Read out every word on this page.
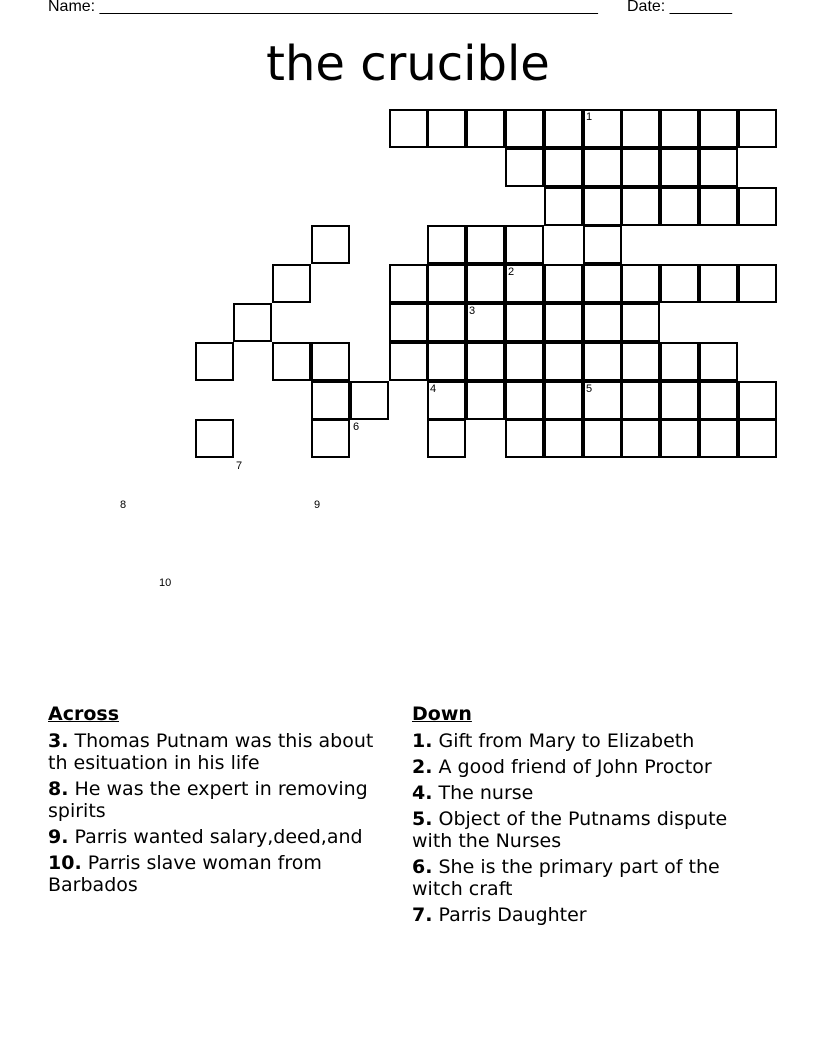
Name: ________________________________________________________ Date: _______
the crucible
1
2
3
4	5
6
7
8	9
10
Across
3. Thomas Putnam was this about th esituation in his life
8. He was the expert in removing spirits
9. Parris wanted salary,deed,and
10. Parris slave woman from Barbados
Down
1. Gift from Mary to Elizabeth
2. A good friend of John Proctor
4. The nurse
5. Object of the Putnams dispute with the Nurses
6. She is the primary part of the witch craft
7. Parris Daughter
